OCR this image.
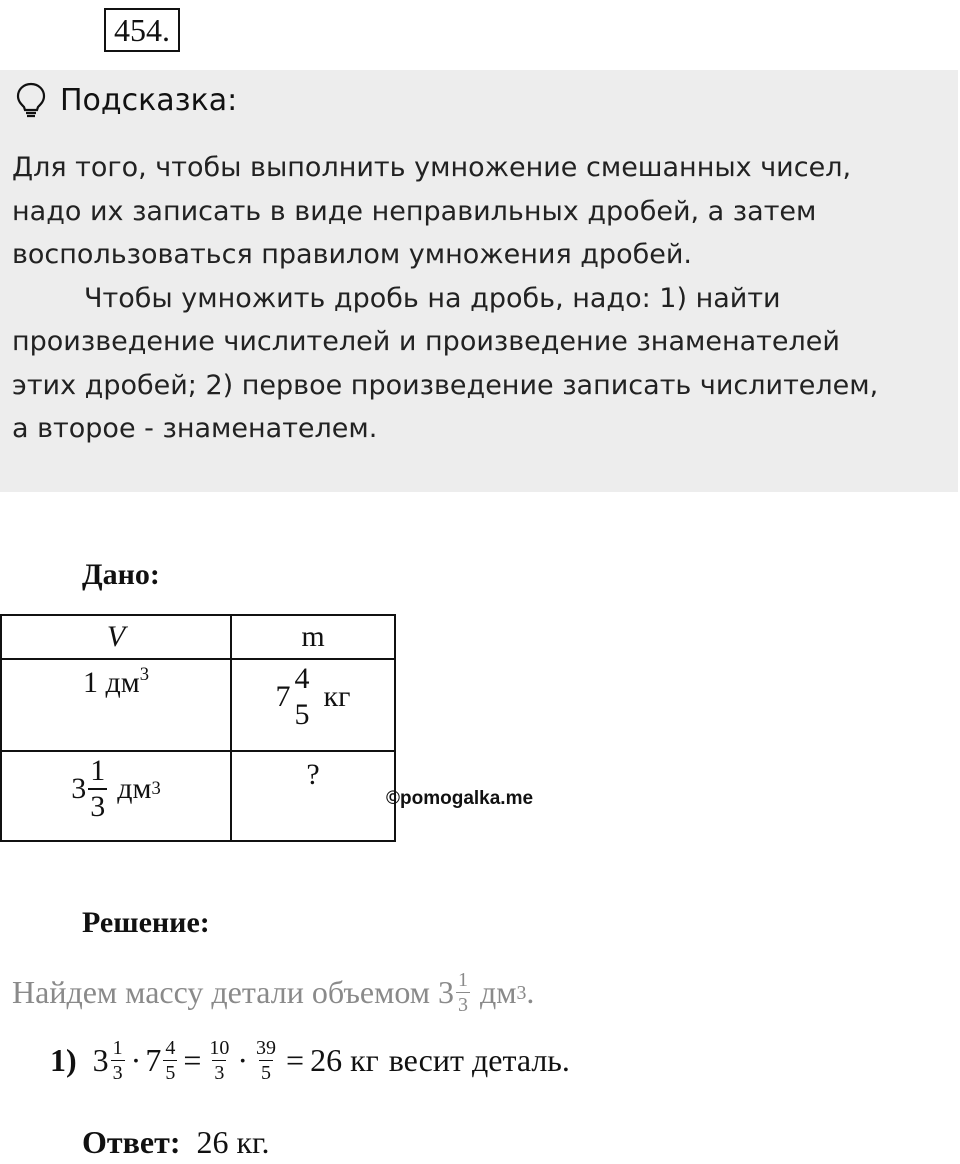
454.
Подсказка:

Для того, чтобы выполнить умножение смешанных чисел,

надо их записать в виде неправильных дробей, а затем

воспользоваться правилом умножения дробей.

Чтобы умножить дробь на дробь, надо: 1) найти

произведение числителей и произведение знаменателей

этих дробей; 2) первое произведение записать числителем,

а второе - знаменателем.

Дано:
V	m

1 $дм^3$	7
4
5
кг

$3 \frac{1}{3}$ дм 3	?
©pomogalka.me
Решение:
Найдем массу детали объемом $3 \frac{1}{3}$ дм 3 .
1) $3 \frac{1}{3} \cdot 7 \frac{4}{5} = \frac{10}{3} \cdot \frac{39}{5} = 26$ кг весит деталь.
Ответ: 26 кг.
